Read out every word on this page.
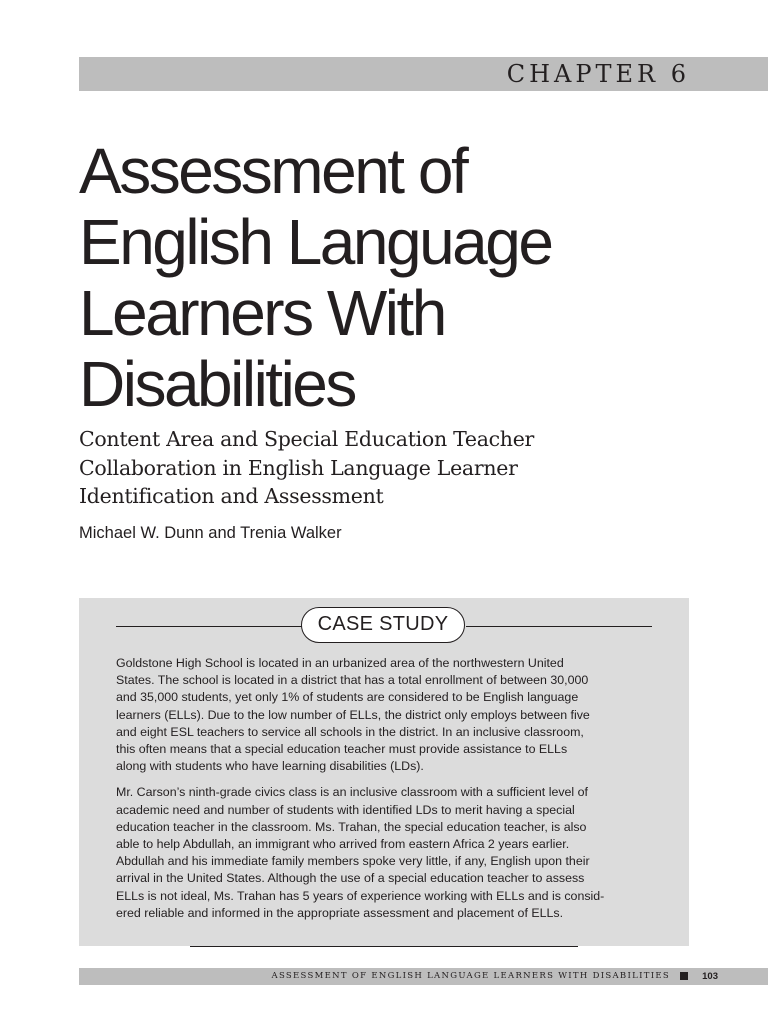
CHAPTER 6
Assessment of
English Language
Learners With
Disabilities
Content Area and Special Education Teacher
Collaboration in English Language Learner
Identification and Assessment
Michael W. Dunn and Trenia Walker
CASE STUDY

Goldstone High School is located in an urbanized area of the northwestern United
States. The school is located in a district that has a total enrollment of between 30,000
and 35,000 students, yet only 1% of students are considered to be English language
learners (ELLs). Due to the low number of ELLs, the district only employs between five
and eight ESL teachers to service all schools in the district. In an inclusive classroom,
this often means that a special education teacher must provide assistance to ELLs
along with students who have learning disabilities (LDs).

Mr. Carson’s ninth-grade civics class is an inclusive classroom with a sufficient level of
academic need and number of students with identified LDs to merit having a special
education teacher in the classroom. Ms. Trahan, the special education teacher, is also
able to help Abdullah, an immigrant who arrived from eastern Africa 2 years earlier.
Abdullah and his immediate family members spoke very little, if any, English upon their
arrival in the United States. Although the use of a special education teacher to assess
ELLs is not ideal, Ms. Trahan has 5 years of experience working with ELLs and is consid-
ered reliable and informed in the appropriate assessment and placement of ELLs.

ASSESSMENT OF ENGLISH LANGUAGE LEARNERS WITH DISABILITIES	103
